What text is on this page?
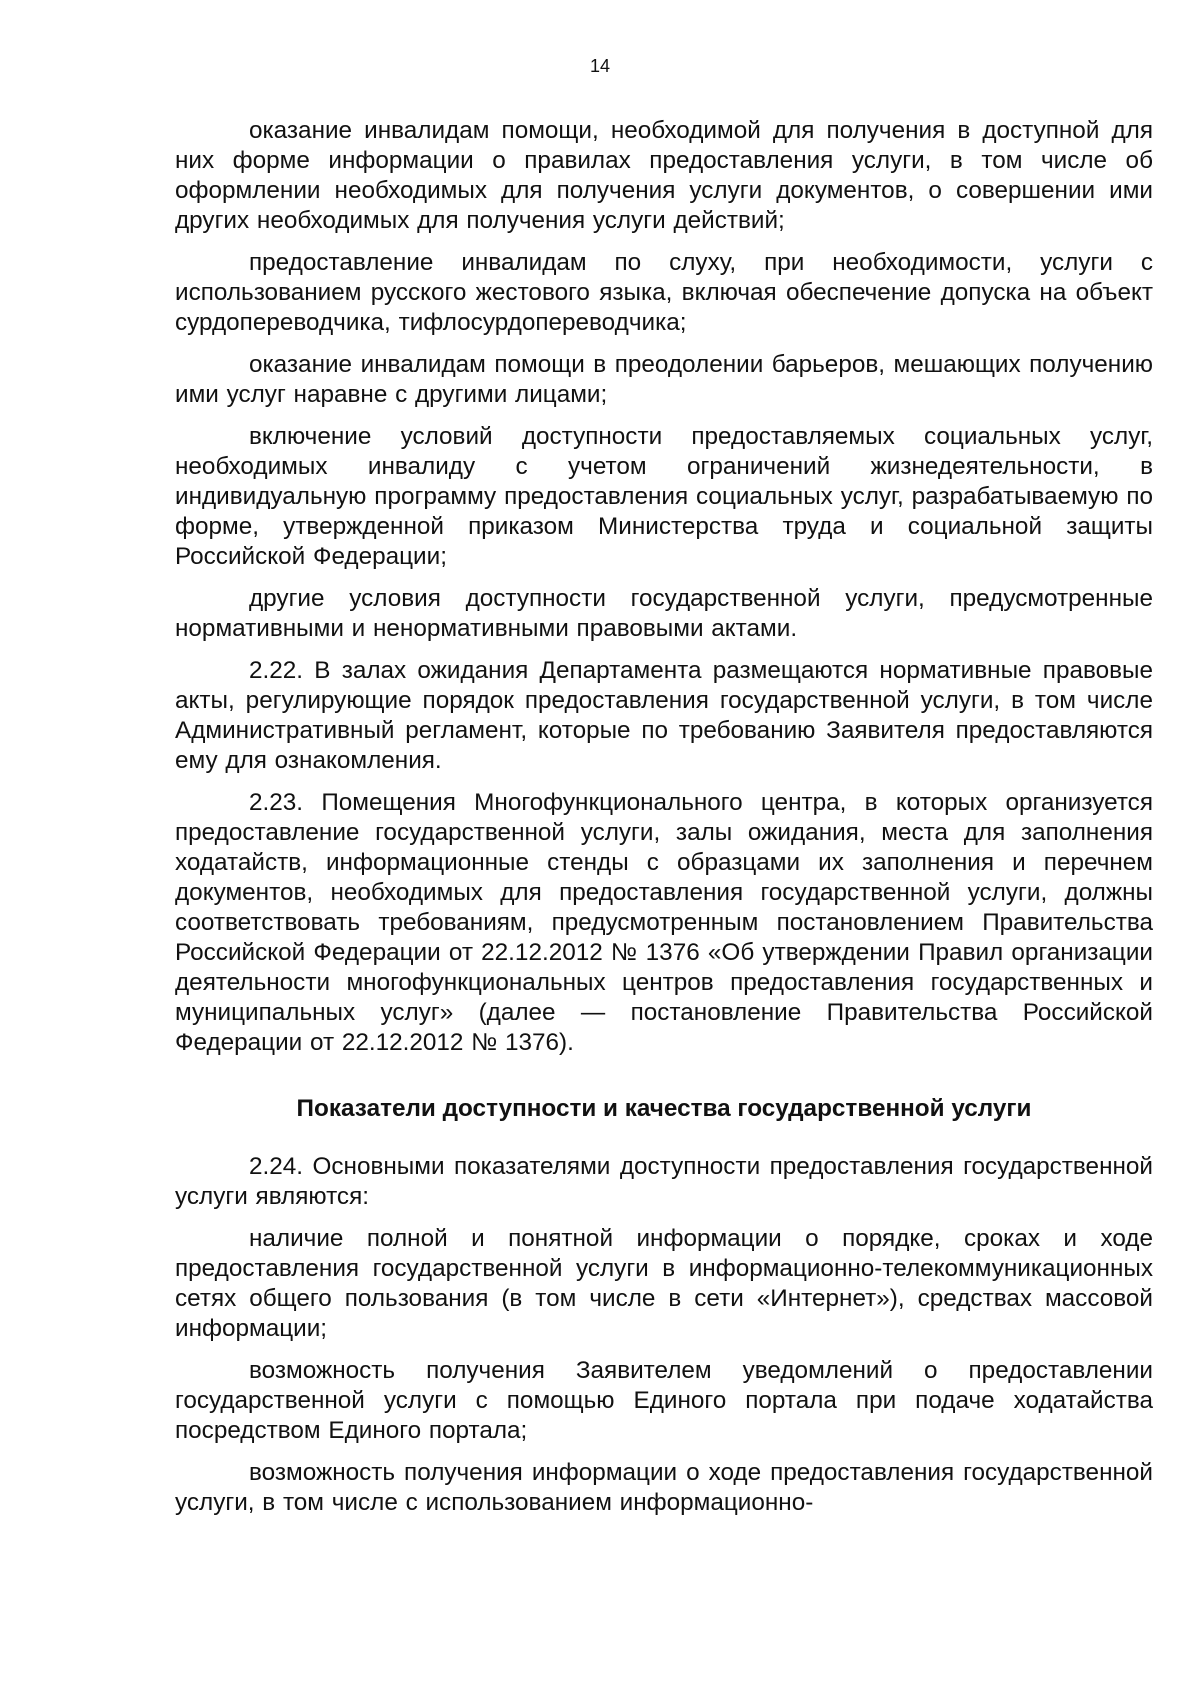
14

оказание инвалидам помощи, необходимой для получения в доступной для них форме информации о правилах предоставления услуги, в том числе об оформлении необходимых для получения услуги документов, о совершении ими других необходимых для получения услуги действий;

предоставление инвалидам по слуху, при необходимости, услуги с использованием русского жестового языка, включая обеспечение допуска на объект сурдопереводчика, тифлосурдопереводчика;

оказание инвалидам помощи в преодолении барьеров, мешающих получению ими услуг наравне с другими лицами;

включение условий доступности предоставляемых социальных услуг, необходимых инвалиду с учетом ограничений жизнедеятельности, в индивидуальную программу предоставления социальных услуг, разрабатываемую по форме, утвержденной приказом Министерства труда и социальной защиты Российской Федерации;

другие условия доступности государственной услуги, предусмотренные нормативными и ненормативными правовыми актами.

2.22. В залах ожидания Департамента размещаются нормативные правовые акты, регулирующие порядок предоставления государственной услуги, в том числе Административный регламент, которые по требованию Заявителя предоставляются ему для ознакомления.

2.23. Помещения Многофункционального центра, в которых организуется предоставление государственной услуги, залы ожидания, места для заполнения ходатайств, информационные стенды с образцами их заполнения и перечнем документов, необходимых для предоставления государственной услуги, должны соответствовать требованиям, предусмотренным постановлением Правительства Российской Федерации от 22.12.2012 № 1376 «Об утверждении Правил организации деятельности многофункциональных центров предоставления государственных и муниципальных услуг» (далее — постановление Правительства Российской Федерации от 22.12.2012 № 1376).

Показатели доступности и качества государственной услуги

2.24. Основными показателями доступности предоставления государственной услуги являются:

наличие полной и понятной информации о порядке, сроках и ходе предоставления государственной услуги в информационно-телекоммуникационных сетях общего пользования (в том числе в сети «Интернет»), средствах массовой информации;

возможность получения Заявителем уведомлений о предоставлении государственной услуги с помощью Единого портала при подаче ходатайства посредством Единого портала;

возможность получения информации о ходе предоставления государственной услуги, в том числе с использованием информационно-
